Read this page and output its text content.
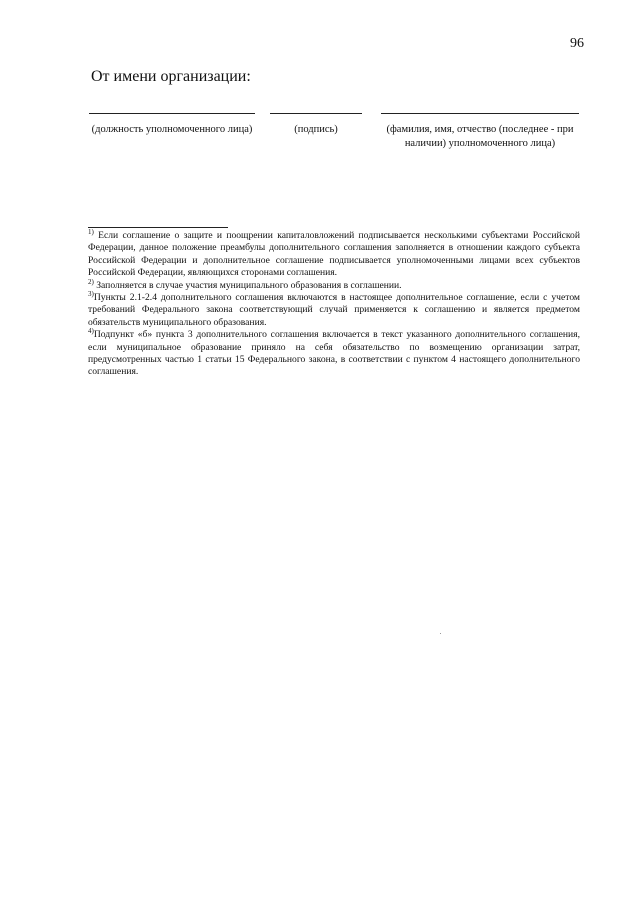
96
От имени организации:
(должность уполномоченного лица)	(подпись)	(фамилия, имя, отчество (последнее - при наличии) уполномоченного лица)

$^{1)}$ Если соглашение о защите и поощрении капиталовложений подписывается несколькими субъектами Российской Федерации, данное положение преамбулы дополнительного соглашения заполняется в отношении каждого субъекта Российской Федерации и дополнительное соглашение подписывается уполномоченными лицами всех субъектов Российской Федерации, являющихся сторонами соглашения.

$^{2)}$ Заполняется в случае участия муниципального образования в соглашении.

$^{3)}$Пункты 2.1-2.4 дополнительного соглашения включаются в настоящее дополнительное соглашение, если с учетом требований Федерального закона соответствующий случай применяется к соглашению и является предметом обязательств муниципального образования.

$^{4)}$Подпункт «б» пункта 3 дополнительного соглашения включается в текст указанного дополнительного соглашения, если муниципальное образование приняло на себя обязательство по возмещению организации затрат, предусмотренных частью 1 статьи 15 Федерального закона, в соответствии с пунктом 4 настоящего дополнительного соглашения.
